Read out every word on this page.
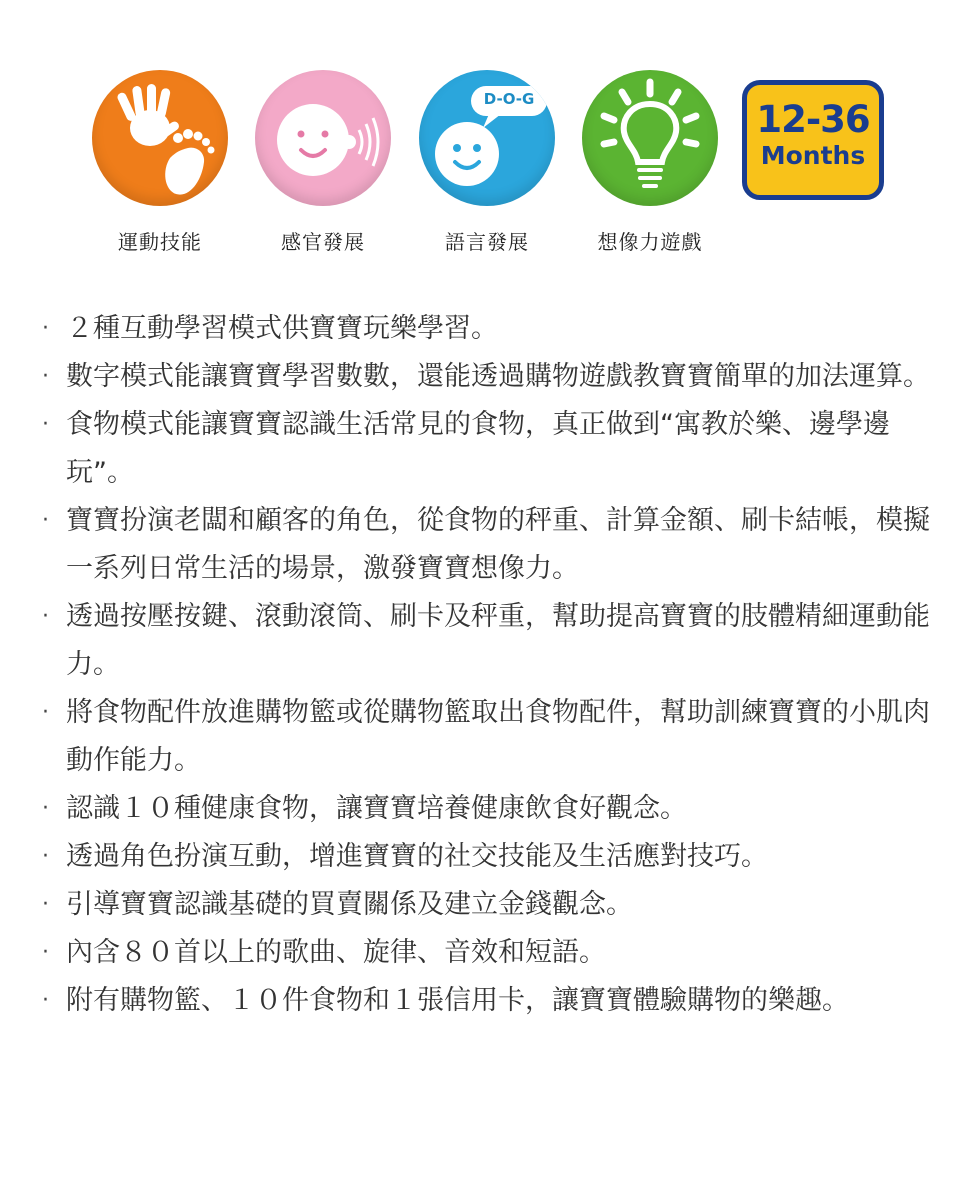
運動技能	感官發展
D-O-G
語言發展	想像力遊戲
12-36
Months
· ２種互動學習模式供寶寶玩樂學習。
· 數字模式能讓寶寶學習數數，還能透過購物遊戲教寶寶簡單的加法運算。
· 食物模式能讓寶寶認識生活常見的食物，真正做到“寓教於樂、邊學邊玩”。
· 寶寶扮演老闆和顧客的角色，從食物的秤重、計算金額、刷卡結帳，模擬一系列日常生活的場景，激發寶寶想像力。
· 透過按壓按鍵、滾動滾筒、刷卡及秤重，幫助提高寶寶的肢體精細運動能力。
· 將食物配件放進購物籃或從購物籃取出食物配件，幫助訓練寶寶的小肌肉動作能力。
· 認識１０種健康食物，讓寶寶培養健康飲食好觀念。
· 透過角色扮演互動，增進寶寶的社交技能及生活應對技巧。
· 引導寶寶認識基礎的買賣關係及建立金錢觀念。
· 內含８０首以上的歌曲、旋律、音效和短語。
· 附有購物籃、１０件食物和１張信用卡，讓寶寶體驗購物的樂趣。
